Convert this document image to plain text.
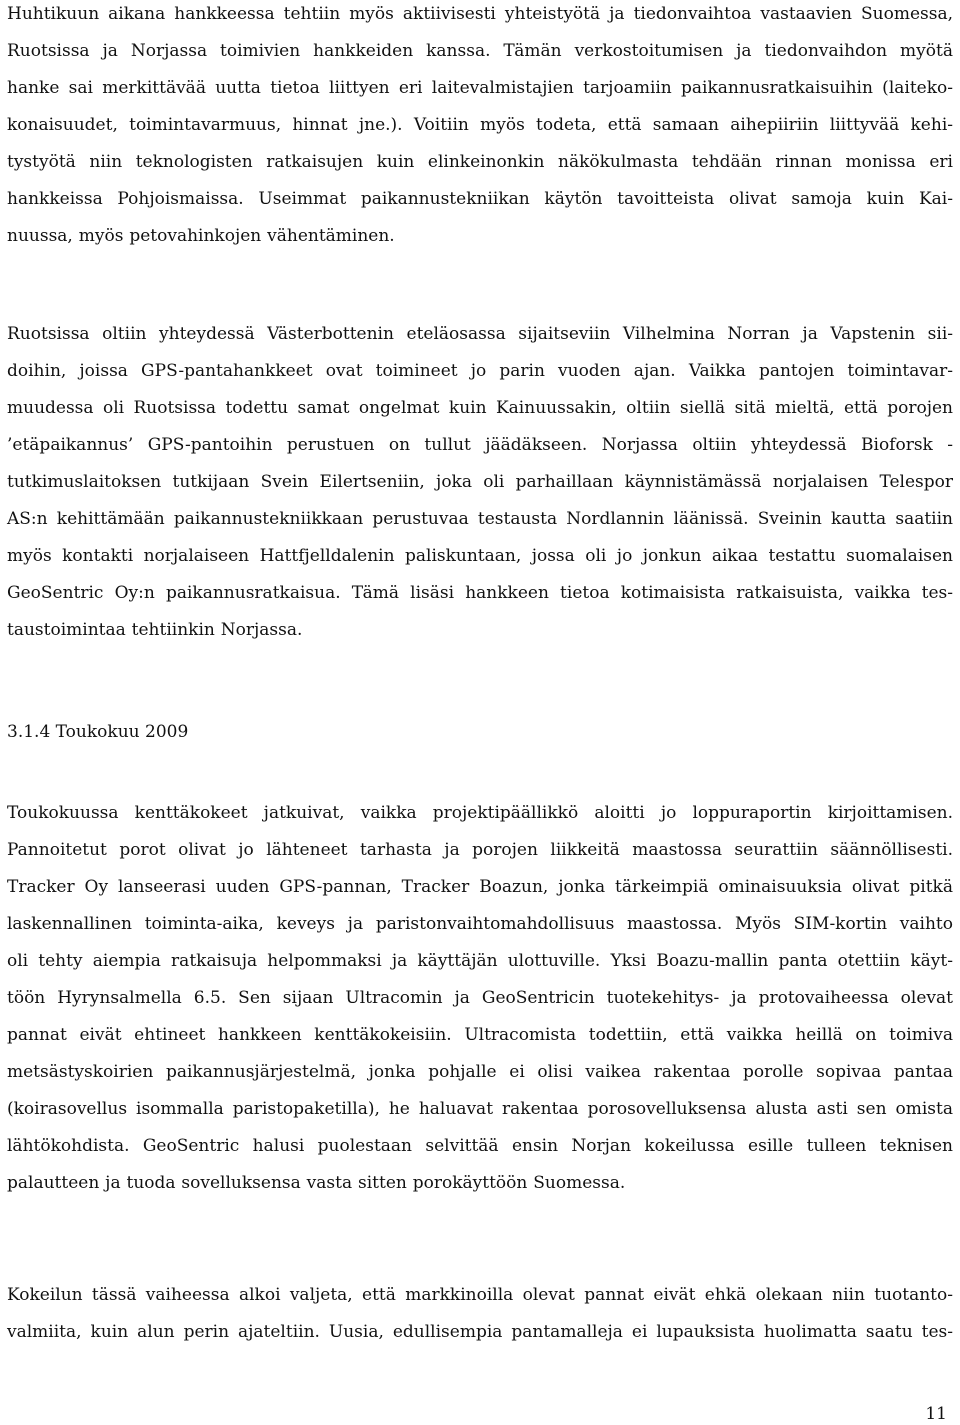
Huhtikuun aikana hankkeessa tehtiin myös aktiivisesti yhteistyötä ja tiedonvaihtoa vastaavien Suomessa,
Ruotsissa ja Norjassa toimivien hankkeiden kanssa. Tämän verkostoitumisen ja tiedonvaihdon myötä
hanke sai merkittävää uutta tietoa liittyen eri laitevalmistajien tarjoamiin paikannusratkaisuihin (laiteko-
konaisuudet, toimintavarmuus, hinnat jne.). Voitiin myös todeta, että samaan aihepiiriin liittyvää kehi-
tystyötä niin teknologisten ratkaisujen kuin elinkeinonkin näkökulmasta tehdään rinnan monissa eri
hankkeissa Pohjoismaissa. Useimmat paikannustekniikan käytön tavoitteista olivat samoja kuin Kai-
nuussa, myös petovahinkojen vähentäminen.

Ruotsissa oltiin yhteydessä Västerbottenin eteläosassa sijaitseviin Vilhelmina Norran ja Vapstenin sii-
doihin, joissa GPS-pantahankkeet ovat toimineet jo parin vuoden ajan. Vaikka pantojen toimintavar-
muudessa oli Ruotsissa todettu samat ongelmat kuin Kainuussakin, oltiin siellä sitä mieltä, että porojen
’etäpaikannus’ GPS-pantoihin perustuen on tullut jäädäkseen. Norjassa oltiin yhteydessä Bioforsk -
tutkimuslaitoksen tutkijaan Svein Eilertseniin, joka oli parhaillaan käynnistämässä norjalaisen Telespor
AS:n kehittämään paikannustekniikkaan perustuvaa testausta Nordlannin läänissä. Sveinin kautta saatiin
myös kontakti norjalaiseen Hattfjelldalenin paliskuntaan, jossa oli jo jonkun aikaa testattu suomalaisen
GeoSentric Oy:n paikannusratkaisua. Tämä lisäsi hankkeen tietoa kotimaisista ratkaisuista, vaikka tes-
taustoimintaa tehtiinkin Norjassa.

3.1.4 Toukokuu 2009

Toukokuussa kenttäkokeet jatkuivat, vaikka projektipäällikkö aloitti jo loppuraportin kirjoittamisen.
Pannoitetut porot olivat jo lähteneet tarhasta ja porojen liikkeitä maastossa seurattiin säännöllisesti.
Tracker Oy lanseerasi uuden GPS-pannan, Tracker Boazun, jonka tärkeimpiä ominaisuuksia olivat pitkä
laskennallinen toiminta-aika, keveys ja paristonvaihtomahdollisuus maastossa. Myös SIM-kortin vaihto
oli tehty aiempia ratkaisuja helpommaksi ja käyttäjän ulottuville. Yksi Boazu-mallin panta otettiin käyt-
töön Hyrynsalmella 6.5. Sen sijaan Ultracomin ja GeoSentricin tuotekehitys- ja protovaiheessa olevat
pannat eivät ehtineet hankkeen kenttäkokeisiin. Ultracomista todettiin, että vaikka heillä on toimiva
metsästyskoirien paikannusjärjestelmä, jonka pohjalle ei olisi vaikea rakentaa porolle sopivaa pantaa
(koirasovellus isommalla paristopaketilla), he haluavat rakentaa porosovelluksensa alusta asti sen omista
lähtökohdista. GeoSentric halusi puolestaan selvittää ensin Norjan kokeilussa esille tulleen teknisen
palautteen ja tuoda sovelluksensa vasta sitten porokäyttöön Suomessa.

Kokeilun tässä vaiheessa alkoi valjeta, että markkinoilla olevat pannat eivät ehkä olekaan niin tuotanto-
valmiita, kuin alun perin ajateltiin. Uusia, edullisempia pantamalleja ei lupauksista huolimatta saatu tes-

11
